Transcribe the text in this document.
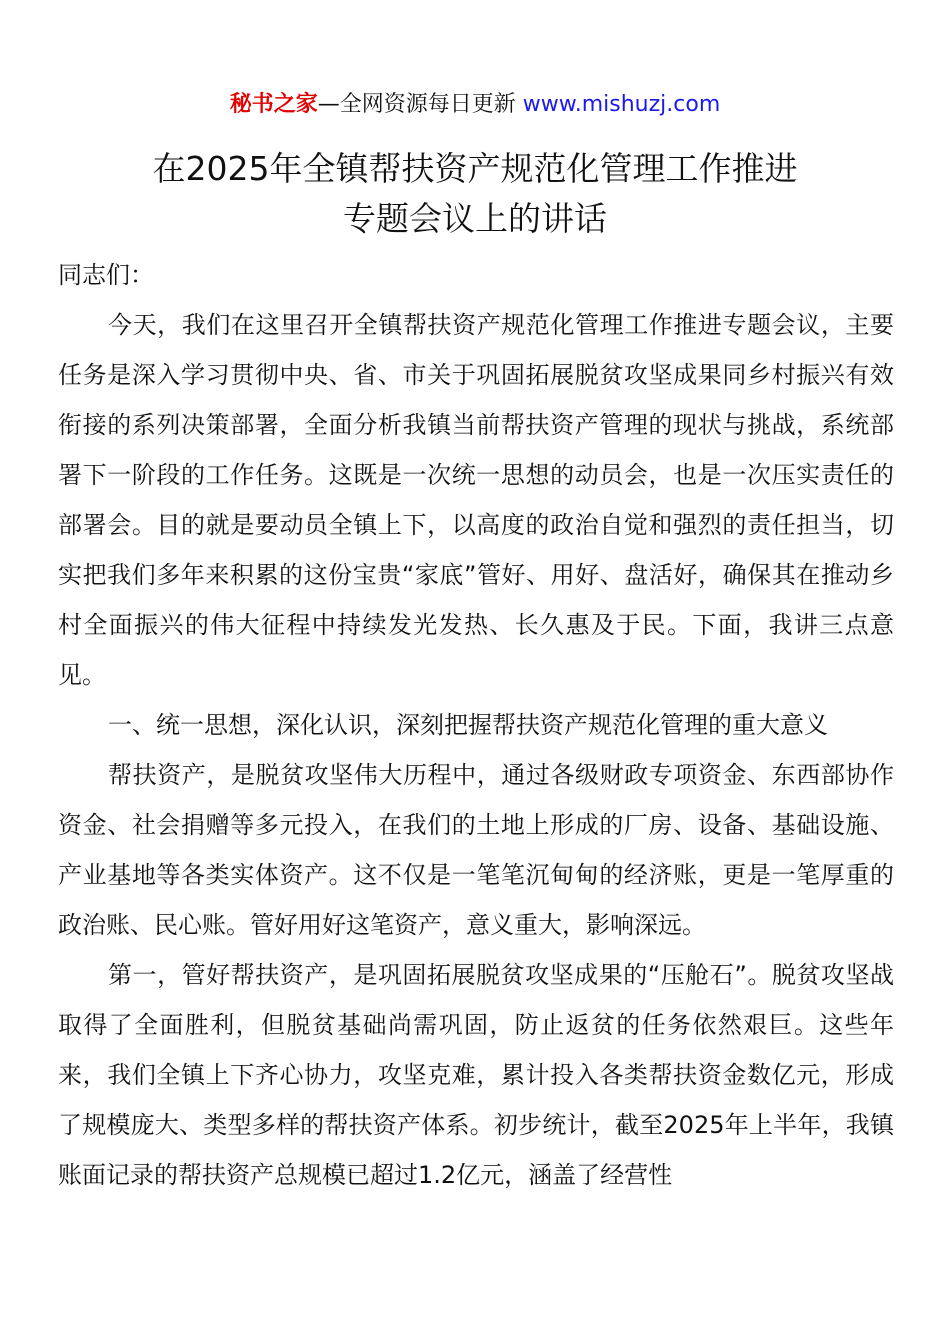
秘书之家—全网资源每日更新 www.mishuzj.com
在2025年全镇帮扶资产规范化管理工作推进
专题会议上的讲话

同志们：

今天，我们在这里召开全镇帮扶资产规范化管理工作推进专题会议，主要任务是深入学习贯彻中央、省、市关于巩固拓展脱贫攻坚成果同乡村振兴有效衔接的系列决策部署，全面分析我镇当前帮扶资产管理的现状与挑战，系统部署下一阶段的工作任务。这既是一次统一思想的动员会，也是一次压实责任的部署会。目的就是要动员全镇上下，以高度的政治自觉和强烈的责任担当，切实把我们多年来积累的这份宝贵“家底”管好、用好、盘活好，确保其在推动乡村全面振兴的伟大征程中持续发光发热、长久惠及于民。下面，我讲三点意见。

一、统一思想，深化认识，深刻把握帮扶资产规范化管理的重大意义

帮扶资产，是脱贫攻坚伟大历程中，通过各级财政专项资金、东西部协作资金、社会捐赠等多元投入，在我们的土地上形成的厂房、设备、基础设施、产业基地等各类实体资产。这不仅是一笔笔沉甸甸的经济账，更是一笔厚重的政治账、民心账。管好用好这笔资产，意义重大，影响深远。

第一，管好帮扶资产，是巩固拓展脱贫攻坚成果的“压舱石”。脱贫攻坚战取得了全面胜利，但脱贫基础尚需巩固，防止返贫的任务依然艰巨。这些年来，我们全镇上下齐心协力，攻坚克难，累计投入各类帮扶资金数亿元，形成了规模庞大、类型多样的帮扶资产体系。初步统计，截至2025年上半年，我镇账面记录的帮扶资产总规模已超过1.2亿元，涵盖了经营性
